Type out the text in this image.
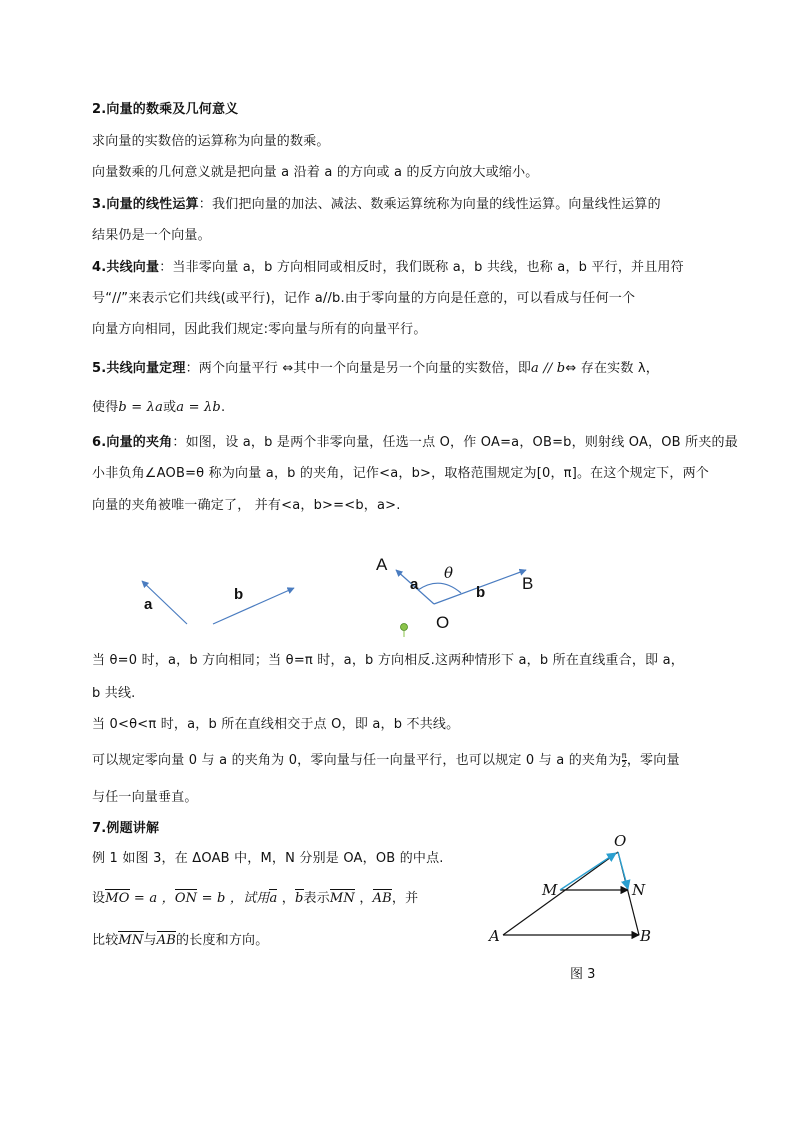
2.向量的数乘及几何意义
求向量的实数倍的运算称为向量的数乘。
向量数乘的几何意义就是把向量 a 沿着 a 的方向或 a 的反方向放大或缩小。
3.向量的线性运算：我们把向量的加法、减法、数乘运算统称为向量的线性运算。向量线性运算的
结果仍是一个向量。
4.共线向量：当非零向量 a，b 方向相同或相反时，我们既称 a，b 共线，也称 a，b 平行，并且用符
号“//”来表示它们共线(或平行)，记作 a//b.由于零向量的方向是任意的，可以看成与任何一个
向量方向相同，因此我们规定:零向量与所有的向量平行。
5.共线向量定理：两个向量平行 ⇔其中一个向量是另一个向量的实数倍，即a // b⇔ 存在实数 λ，
使得b = λa或a = λb.
6.向量的夹角：如图，设 a，b 是两个非零向量，任选一点 O，作 OA=a，OB=b，则射线 OA，OB 所夹的最
小非负角∠AOB=θ 称为向量 a，b 的夹角，记作<a，b>，取格范围规定为[0，π]。在这个规定下，两个
向量的夹角被唯一确定了， 并有<a，b>=<b，a>.
a
b
A
a
θ
b B
O
当 θ=0 时，a，b 方向相同；当 θ=π 时，a，b 方向相反.这两种情形下 a，b 所在直线重合，即 a，
b 共线.
当 0<θ<π 时，a，b 所在直线相交于点 O，即 a，b 不共线。
可以规定零向量 0 与 a 的夹角为 0，零向量与任一向量平行，也可以规定 0 与 a 的夹角为 $\frac{\pi}{2}$ ，零向量
与任一向量垂直。
7.例题讲解
例 1 如图 3，在 ΔOAB 中，M，N 分别是 OA，OB 的中点.
设MO = a ，ON = b ，试用a ，b表示MN ，AB，并
比较MN与AB的长度和方向。
O
M	N
A	B
图 3
